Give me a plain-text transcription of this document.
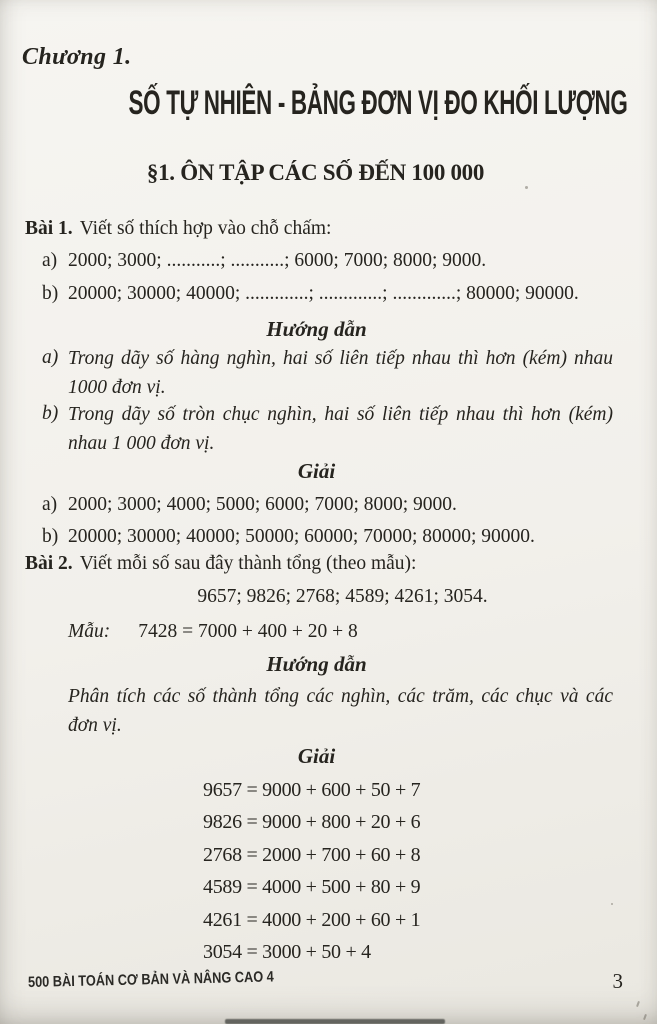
Chương 1.

SỐ TỰ NHIÊN - BẢNG ĐƠN VỊ ĐO KHỐI LƯỢNG
§1. ÔN TẬP CÁC SỐ ĐẾN 100 000

Bài 1. Viết số thích hợp vào chỗ chấm:

a) 2000; 3000; ...........; ...........; 6000; 7000; 8000; 9000.
b) 20000; 30000; 40000; .............; .............; .............; 80000; 90000.

Hướng dẫn

a) Trong dãy số hàng nghìn, hai số liên tiếp nhau thì hơn (kém) nhau 1000 đơn vị.
b) Trong dãy số tròn chục nghìn, hai số liên tiếp nhau thì hơn (kém) nhau 1 000 đơn vị.

Giải

a) 2000; 3000; 4000; 5000; 6000; 7000; 8000; 9000.
b) 20000; 30000; 40000; 50000; 60000; 70000; 80000; 90000.

Bài 2. Viết mỗi số sau đây thành tổng (theo mẫu):

9657; 9826; 2768; 4589; 4261; 3054.

Mẫu: 7428 = 7000 + 400 + 20 + 8

Hướng dẫn

Phân tích các số thành tổng các nghìn, các trăm, các chục và các đơn vị.

Giải

9657 = 9000 + 600 + 50 + 7
9826 = 9000 + 800 + 20 + 6
2768 = 2000 + 700 + 60 + 8
4589 = 4000 + 500 + 80 + 9
4261 = 4000 + 200 + 60 + 1
3054 = 3000 + 50 + 4

500 BÀI TOÁN CƠ BẢN VÀ NÂNG CAO 4	3
